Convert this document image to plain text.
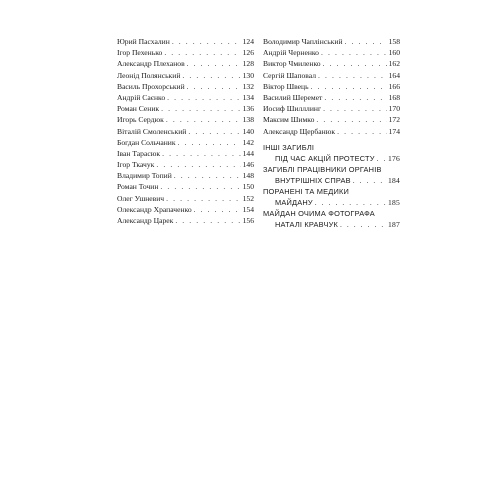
Юрий Пасхалин . . .	124
Ігор Пехенько . . .	126
Александр Плеханов . . .	128
Леонід Полянський . . .	130
Василь Прохорський . . .	132
Андрій Саєнко . . .	134
Роман Сеник . . .	136
Игорь Сердюк . . .	138
Віталій Смоленський . . .	140
Богдан Сольчаник . . .	142
Іван Тарасюк . . .	144
Ігор Ткачук . . .	146
Владимир Топий . . .	148
Роман Точин . . .	150
Олег Ушневич . . .	152
Олександр Храпаченко . . .	154
Александр Царек . . .	156
Володимир Чаплінський . . .	158
Андрій Черненко . . .	160
Виктор Чмиленко . . .	162
Сергій Шаповал . . .	164
Віктор Швець . . .	166
Василий Шеремет . . .	168
Иосиф Шилллинг . . .	170
Максим Шимко . . .	172
Александр Щербанюк . . .	174
ІНШІ ЗАГИБЛІ
ПІД ЧАС АКЦІЙ ПРОТЕСТУ . . . 176
ЗАГИБЛІ ПРАЦІВНИКИ ОРГАНІВ
ВНУТРІШНІХ СПРАВ . . .	184
ПОРАНЕНІ ТА МЕДИКИ
МАЙДАНУ . . .	185
МАЙДАН ОЧИМА ФОТОГРАФА
НАТАЛІ КРАВЧУК . . .	187
